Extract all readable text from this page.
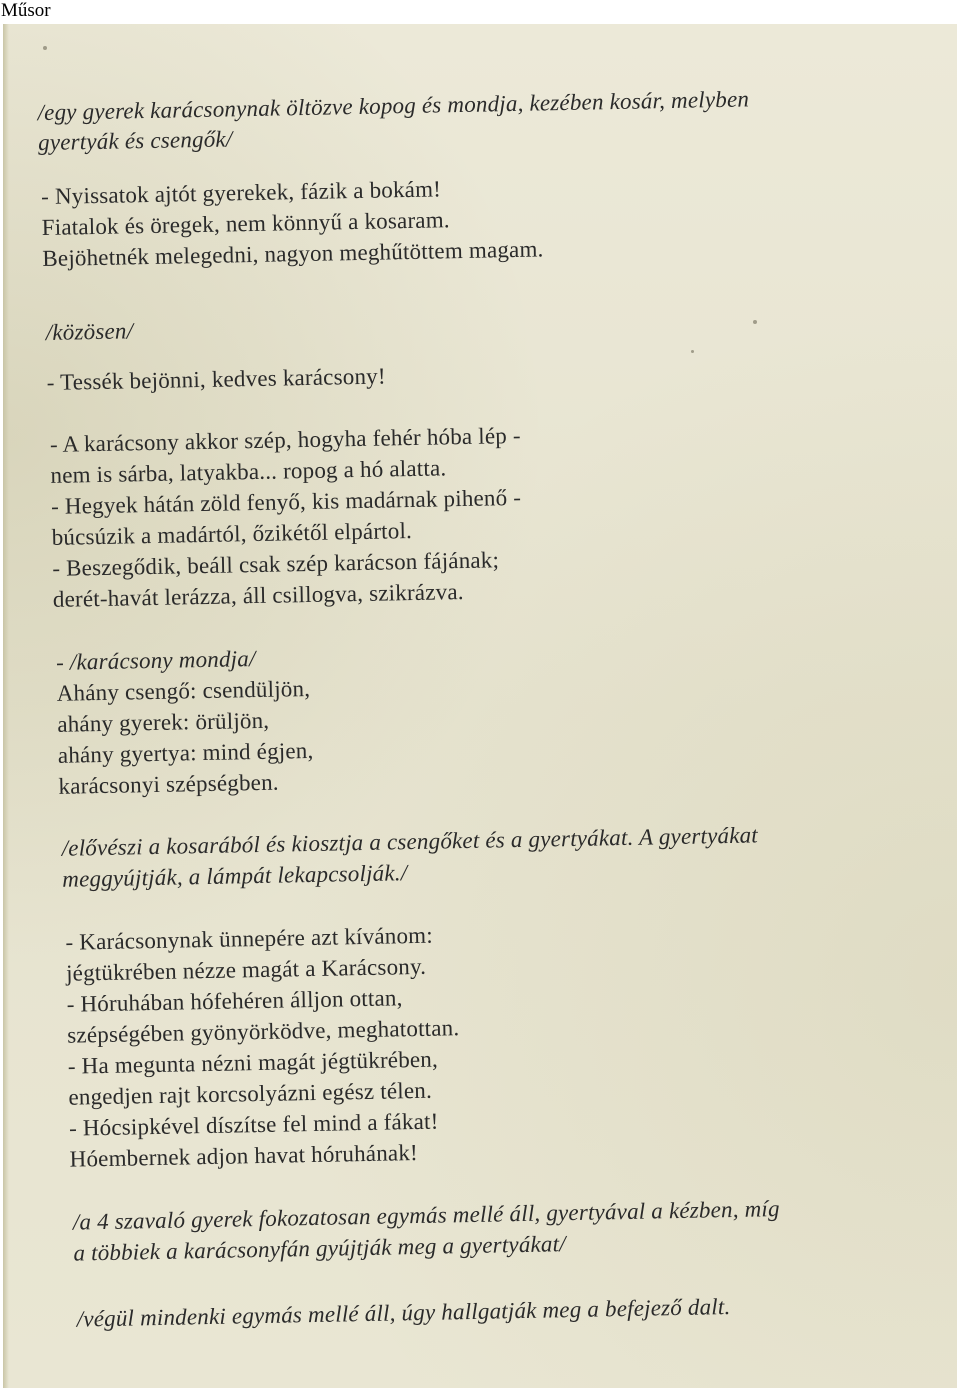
Műsor
/egy gyerek karácsonynak öltözve kopog és mondja, kezében kosár, melyben
gyertyák és csengők/
- Nyissatok ajtót gyerekek, fázik a bokám!
Fiatalok és öregek, nem könnyű a kosaram.
Bejöhetnék melegedni, nagyon meghűtöttem magam.
/közösen/
- Tessék bejönni, kedves karácsony!
- A karácsony akkor szép, hogyha fehér hóba lép -
nem is sárba, latyakba... ropog a hó alatta.
- Hegyek hátán zöld fenyő, kis madárnak pihenő -
búcsúzik a madártól, őzikétől elpártol.
- Beszegődik, beáll csak szép karácson fájának;
derét-havát lerázza, áll csillogva, szikrázva.
- /karácsony mondja/
Ahány csengő: csendüljön,
ahány gyerek: örüljön,
ahány gyertya: mind égjen,
karácsonyi szépségben.
/elővészi a kosarából és kiosztja a csengőket és a gyertyákat. A gyertyákat
meggyújtják, a lámpát lekapcsolják./
- Karácsonynak ünnepére azt kívánom:
jégtükrében nézze magát a Karácsony.
- Hóruhában hófehéren álljon ottan,
szépségében gyönyörködve, meghatottan.
- Ha megunta nézni magát jégtükrében,
engedjen rajt korcsolyázni egész télen.
- Hócsipkével díszítse fel mind a fákat!
Hóembernek adjon havat hóruhának!
/a 4 szavaló gyerek fokozatosan egymás mellé áll, gyertyával a kézben, míg
a többiek a karácsonyfán gyújtják meg a gyertyákat/
/végül mindenki egymás mellé áll, úgy hallgatják meg a befejező dalt.
